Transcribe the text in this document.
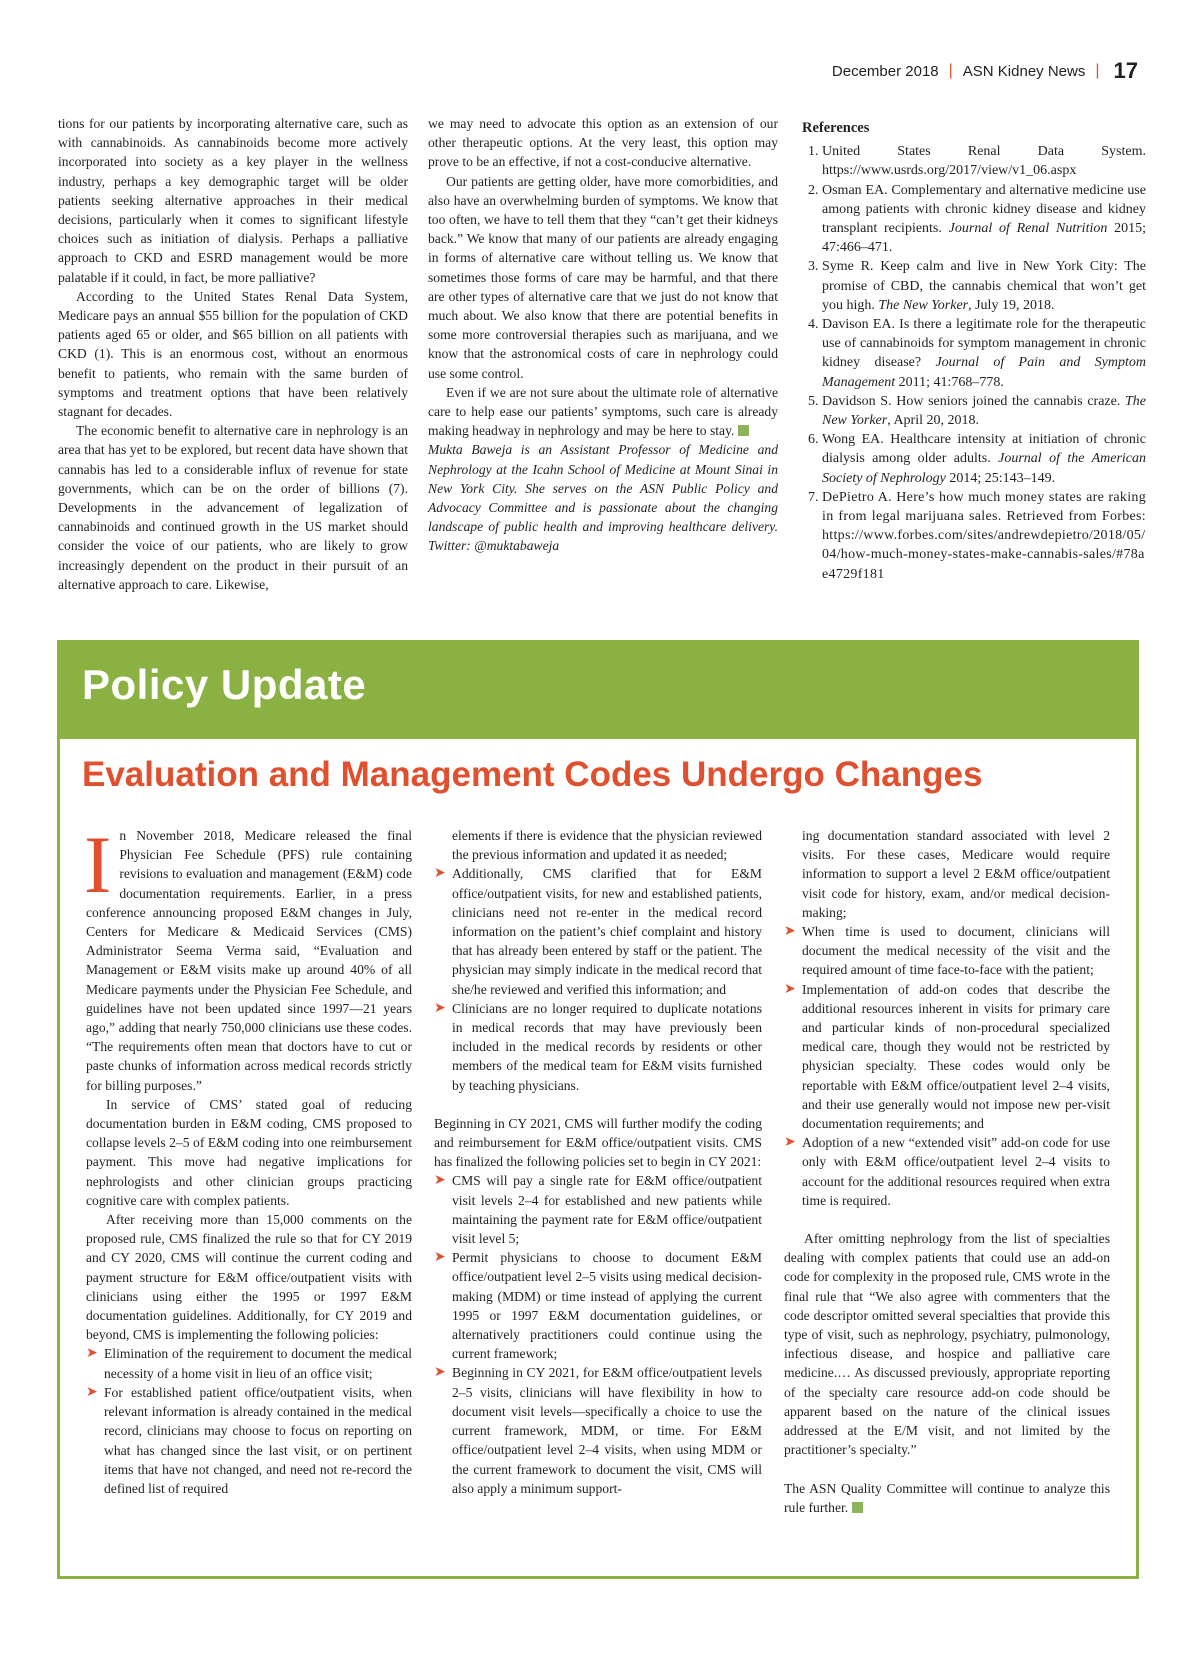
December 2018 | ASN Kidney News | 17

tions for our patients by incorporating alternative care, such as with cannabinoids. As cannabinoids become more actively incorporated into society as a key player in the wellness industry, perhaps a key demographic target will be older patients seeking alternative approaches in their medical decisions, particularly when it comes to significant lifestyle choices such as initiation of dialysis. Perhaps a palliative approach to CKD and ESRD management would be more palatable if it could, in fact, be more palliative?

According to the United States Renal Data System, Medicare pays an annual $55 billion for the population of CKD patients aged 65 or older, and $65 billion on all patients with CKD (1). This is an enormous cost, without an enormous benefit to patients, who remain with the same burden of symptoms and treatment options that have been relatively stagnant for decades.

The economic benefit to alternative care in nephrology is an area that has yet to be explored, but recent data have shown that cannabis has led to a considerable influx of revenue for state governments, which can be on the order of billions (7). Developments in the advancement of legalization of cannabinoids and continued growth in the US market should consider the voice of our patients, who are likely to grow increasingly dependent on the product in their pursuit of an alternative approach to care. Likewise,

we may need to advocate this option as an extension of our other therapeutic options. At the very least, this option may prove to be an effective, if not a cost-conducive alternative.

Our patients are getting older, have more comorbidities, and also have an overwhelming burden of symptoms. We know that too often, we have to tell them that they “can’t get their kidneys back.” We know that many of our patients are already engaging in forms of alternative care without telling us. We know that sometimes those forms of care may be harmful, and that there are other types of alternative care that we just do not know that much about. We also know that there are potential benefits in some more controversial therapies such as marijuana, and we know that the astronomical costs of care in nephrology could use some control.

Even if we are not sure about the ultimate role of alternative care to help ease our patients’ symptoms, such care is already making headway in nephrology and may be here to stay.

Mukta Baweja is an Assistant Professor of Medicine and Nephrology at the Icahn School of Medicine at Mount Sinai in New York City. She serves on the ASN Public Policy and Advocacy Committee and is passionate about the changing landscape of public health and improving healthcare delivery. Twitter: @muktabaweja

References
1. United States Renal Data System. https://www.usrds.org/2017/view/v1_06.aspx
2. Osman EA. Complementary and alternative medicine use among patients with chronic kidney disease and kidney transplant recipients. Journal of Renal Nutrition 2015; 47:466–471.
3. Syme R. Keep calm and live in New York City: The promise of CBD, the cannabis chemical that won’t get you high. The New Yorker, July 19, 2018.
4. Davison EA. Is there a legitimate role for the therapeutic use of cannabinoids for symptom management in chronic kidney disease? Journal of Pain and Symptom Management 2011; 41:768–778.
5. Davidson S. How seniors joined the cannabis craze. The New Yorker, April 20, 2018.
6. Wong EA. Healthcare intensity at initiation of chronic dialysis among older adults. Journal of the American Society of Nephrology 2014; 25:143–149.
7. DePietro A. Here’s how much money states are raking in from legal marijuana sales. Retrieved from Forbes: https://www.forbes.com/sites/andrewdepietro/2018/05/04/how-much-money-states-make-cannabis-sales/#78ae4729f181
Policy Update
Evaluation and Management Codes Undergo Changes

In November 2018, Medicare released the final Physician Fee Schedule (PFS) rule containing revisions to evaluation and management (E&M) code documentation requirements. Earlier, in a press conference announcing proposed E&M changes in July, Centers for Medicare & Medicaid Services (CMS) Administrator Seema Verma said, “Evaluation and Management or E&M visits make up around 40% of all Medicare payments under the Physician Fee Schedule, and guidelines have not been updated since 1997—21 years ago,” adding that nearly 750,000 clinicians use these codes. “The requirements often mean that doctors have to cut or paste chunks of information across medical records strictly for billing purposes.”

In service of CMS’ stated goal of reducing documentation burden in E&M coding, CMS proposed to collapse levels 2–5 of E&M coding into one reimbursement payment. This move had negative implications for nephrologists and other clinician groups practicing cognitive care with complex patients.

After receiving more than 15,000 comments on the proposed rule, CMS finalized the rule so that for CY 2019 and CY 2020, CMS will continue the current coding and payment structure for E&M office/outpatient visits with clinicians using either the 1995 or 1997 E&M documentation guidelines. Additionally, for CY 2019 and beyond, CMS is implementing the following policies:

➤ Elimination of the requirement to document the medical necessity of a home visit in lieu of an office visit;
➤ For established patient office/outpatient visits, when relevant information is already contained in the medical record, clinicians may choose to focus on reporting on what has changed since the last visit, or on pertinent items that have not changed, and need not re-record the defined list of required
elements if there is evidence that the physician reviewed the previous information and updated it as needed;
➤ Additionally, CMS clarified that for E&M office/outpatient visits, for new and established patients, clinicians need not re-enter in the medical record information on the patient’s chief complaint and history that has already been entered by staff or the patient. The physician may simply indicate in the medical record that she/he reviewed and verified this information; and
➤ Clinicians are no longer required to duplicate notations in medical records that may have previously been included in the medical records by residents or other members of the medical team for E&M visits furnished by teaching physicians.

Beginning in CY 2021, CMS will further modify the coding and reimbursement for E&M office/outpatient visits. CMS has finalized the following policies set to begin in CY 2021:

➤ CMS will pay a single rate for E&M office/outpatient visit levels 2–4 for established and new patients while maintaining the payment rate for E&M office/outpatient visit level 5;
➤ Permit physicians to choose to document E&M office/outpatient level 2–5 visits using medical decision-making (MDM) or time instead of applying the current 1995 or 1997 E&M documentation guidelines, or alternatively practitioners could continue using the current framework;
➤ Beginning in CY 2021, for E&M office/outpatient levels 2–5 visits, clinicians will have flexibility in how to document visit levels—specifically a choice to use the current framework, MDM, or time. For E&M office/outpatient level 2–4 visits, when using MDM or the current framework to document the visit, CMS will also apply a minimum support-
ing documentation standard associated with level 2 visits. For these cases, Medicare would require information to support a level 2 E&M office/outpatient visit code for history, exam, and/or medical decision-making;
➤ When time is used to document, clinicians will document the medical necessity of the visit and the required amount of time face-to-face with the patient;
➤ Implementation of add-on codes that describe the additional resources inherent in visits for primary care and particular kinds of non-procedural specialized medical care, though they would not be restricted by physician specialty. These codes would only be reportable with E&M office/outpatient level 2–4 visits, and their use generally would not impose new per-visit documentation requirements; and
➤ Adoption of a new “extended visit” add-on code for use only with E&M office/outpatient level 2–4 visits to account for the additional resources required when extra time is required.

After omitting nephrology from the list of specialties dealing with complex patients that could use an add-on code for complexity in the proposed rule, CMS wrote in the final rule that “We also agree with commenters that the code descriptor omitted several specialties that provide this type of visit, such as nephrology, psychiatry, pulmonology, infectious disease, and hospice and palliative care medicine.… As discussed previously, appropriate reporting of the specialty care resource add-on code should be apparent based on the nature of the clinical issues addressed at the E/M visit, and not limited by the practitioner’s specialty.”

The ASN Quality Committee will continue to analyze this rule further.
